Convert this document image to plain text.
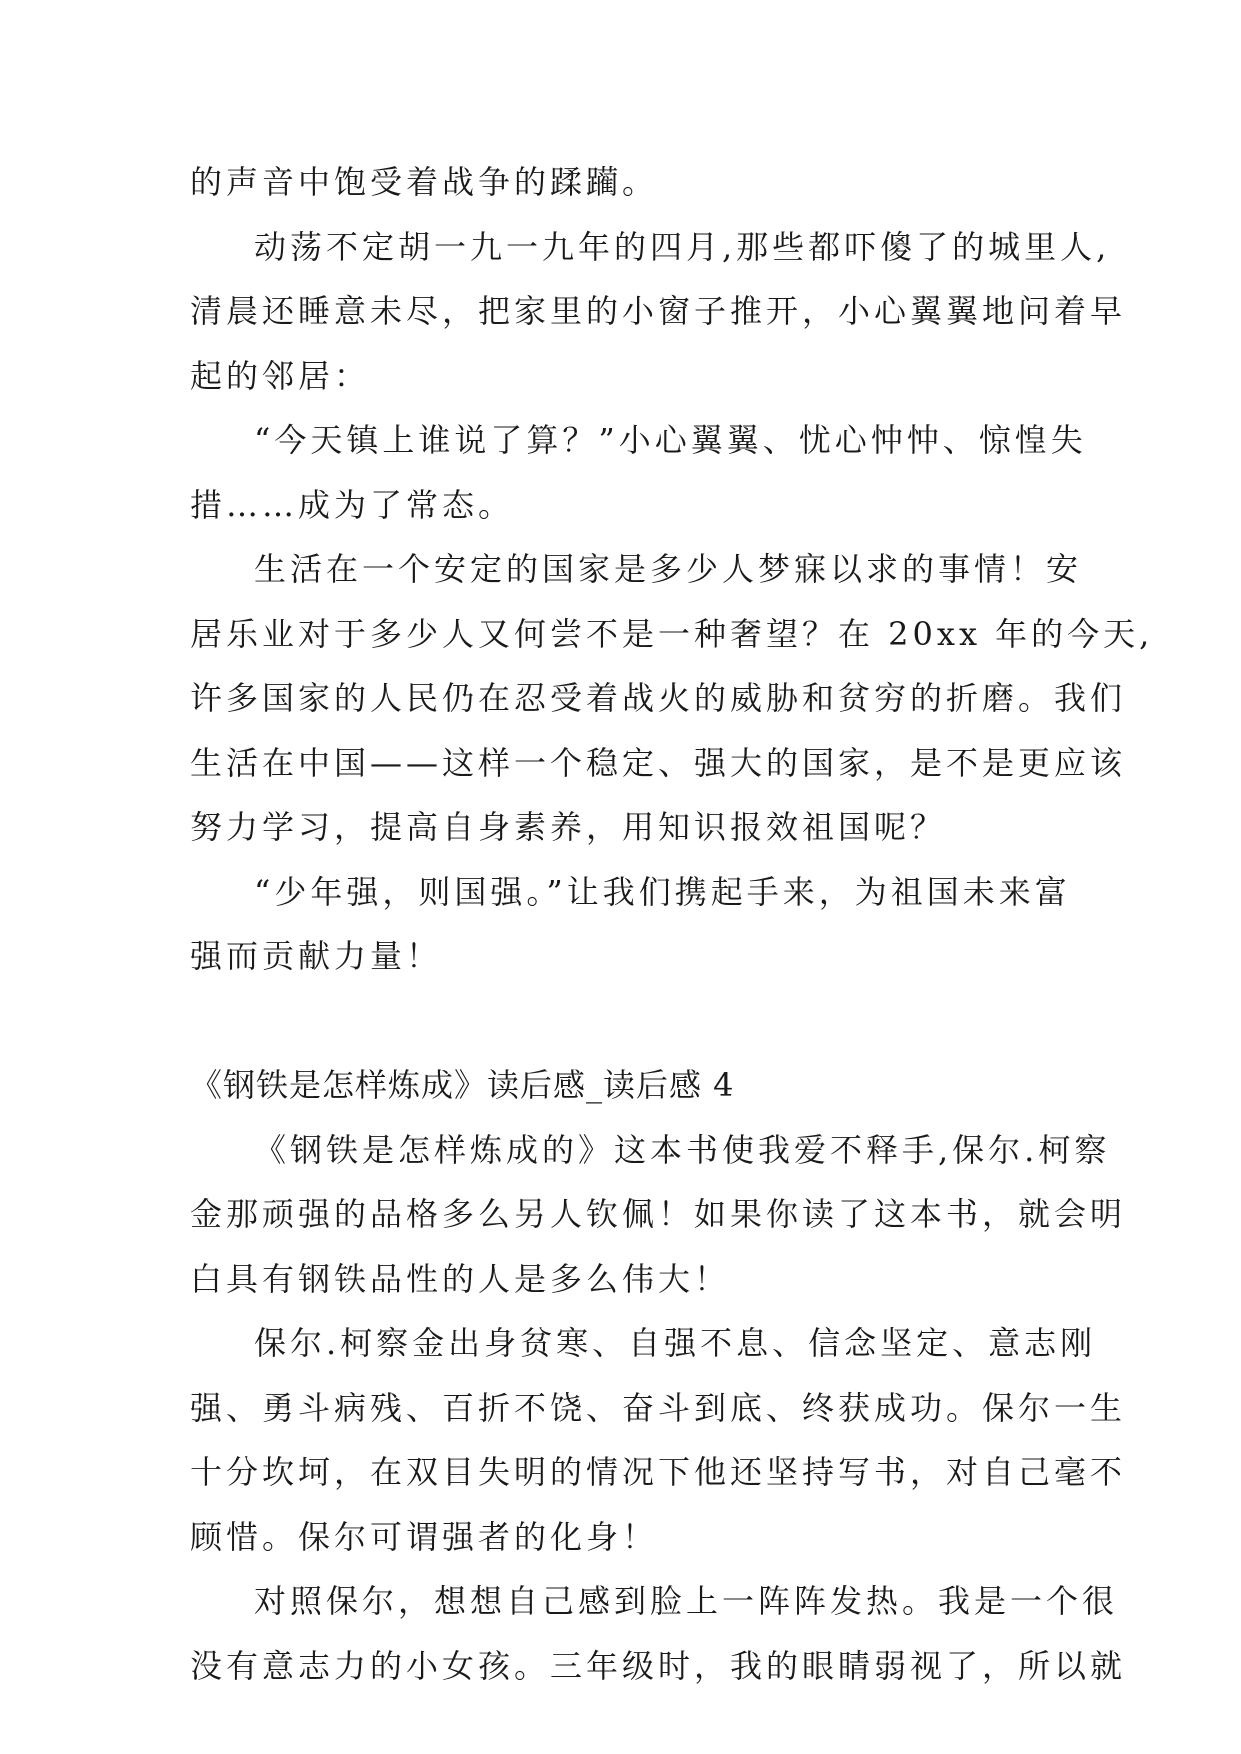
的声音中饱受着战争的蹂躏。
动荡不定胡一九一九年的四月,那些都吓傻了的城里人,
清晨还睡意未尽，把家里的小窗子推开，小心翼翼地问着早
起的邻居：
“今天镇上谁说了算？”小心翼翼、忧心忡忡、惊惶失
措……成为了常态。
生活在一个安定的国家是多少人梦寐以求的事情！安
居乐业对于多少人又何尝不是一种奢望？在 20xx 年的今天,
许多国家的人民仍在忍受着战火的威胁和贫穷的折磨。我们
生活在中国——这样一个稳定、强大的国家，是不是更应该
努力学习，提高自身素养，用知识报效祖国呢？
“少年强，则国强。”让我们携起手来，为祖国未来富
强而贡献力量！
《钢铁是怎样炼成》读后感_读后感 4
《钢铁是怎样炼成的》这本书使我爱不释手,保尔.柯察
金那顽强的品格多么另人钦佩！如果你读了这本书，就会明
白具有钢铁品性的人是多么伟大！
保尔.柯察金出身贫寒、自强不息、信念坚定、意志刚
强、勇斗病残、百折不饶、奋斗到底、终获成功。保尔一生
十分坎坷，在双目失明的情况下他还坚持写书，对自己毫不
顾惜。保尔可谓强者的化身！
对照保尔，想想自己感到脸上一阵阵发热。我是一个很
没有意志力的小女孩。三年级时，我的眼睛弱视了，所以就
